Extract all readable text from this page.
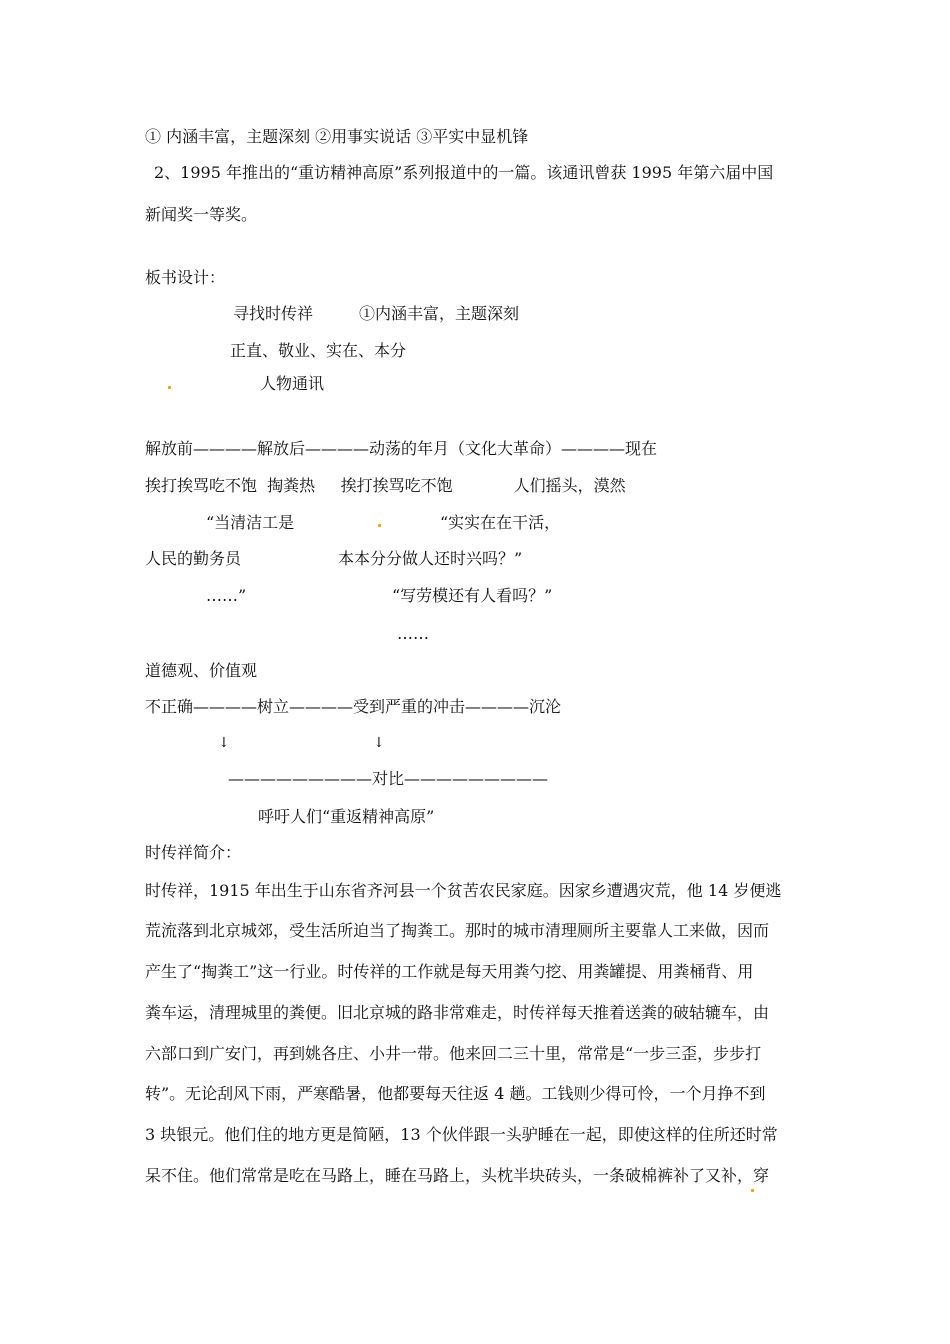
① 内涵丰富，主题深刻 ②用事实说话 ③平实中显机锋
2、1995 年推出的“重访精神高原”系列报道中的一篇。该通讯曾获 1995 年第六届中国
新闻奖一等奖。
板书设计：
寻找时传祥	①内涵丰富，主题深刻
正直、敬业、实在、本分
人物通讯
解放前————解放后————动荡的年月（文化大革命）————现在
挨打挨骂吃不饱  掏粪热     挨打挨骂吃不饱            人们摇头，漠然
“当清洁工是	“实实在在干活，
人民的勤务员	本本分分做人还时兴吗？”
……”	“写劳模还有人看吗？”
……
道德观、价值观
不正确————树立————受到严重的冲击————沉沦
↓	↓
—————————对比—————————
呼吁人们“重返精神高原”
时传祥简介：
时传祥，1915 年出生于山东省齐河县一个贫苦农民家庭。因家乡遭遇灾荒，他 14 岁便逃
荒流落到北京城郊，受生活所迫当了掏粪工。那时的城市清理厕所主要靠人工来做，因而
产生了“掏粪工”这一行业。时传祥的工作就是每天用粪勺挖、用粪罐提、用粪桶背、用
粪车运，清理城里的粪便。旧北京城的路非常难走，时传祥每天推着送粪的破轱辘车，由
六部口到广安门，再到姚各庄、小井一带。他来回二三十里，常常是“一步三歪，步步打
转”。无论刮风下雨，严寒酷暑，他都要每天往返 4 趟。工钱则少得可怜，一个月挣不到
3 块银元。他们住的地方更是简陋，13 个伙伴跟一头驴睡在一起，即使这样的住所还时常
呆不住。他们常常是吃在马路上，睡在马路上，头枕半块砖头，一条破棉裤补了又补，穿
